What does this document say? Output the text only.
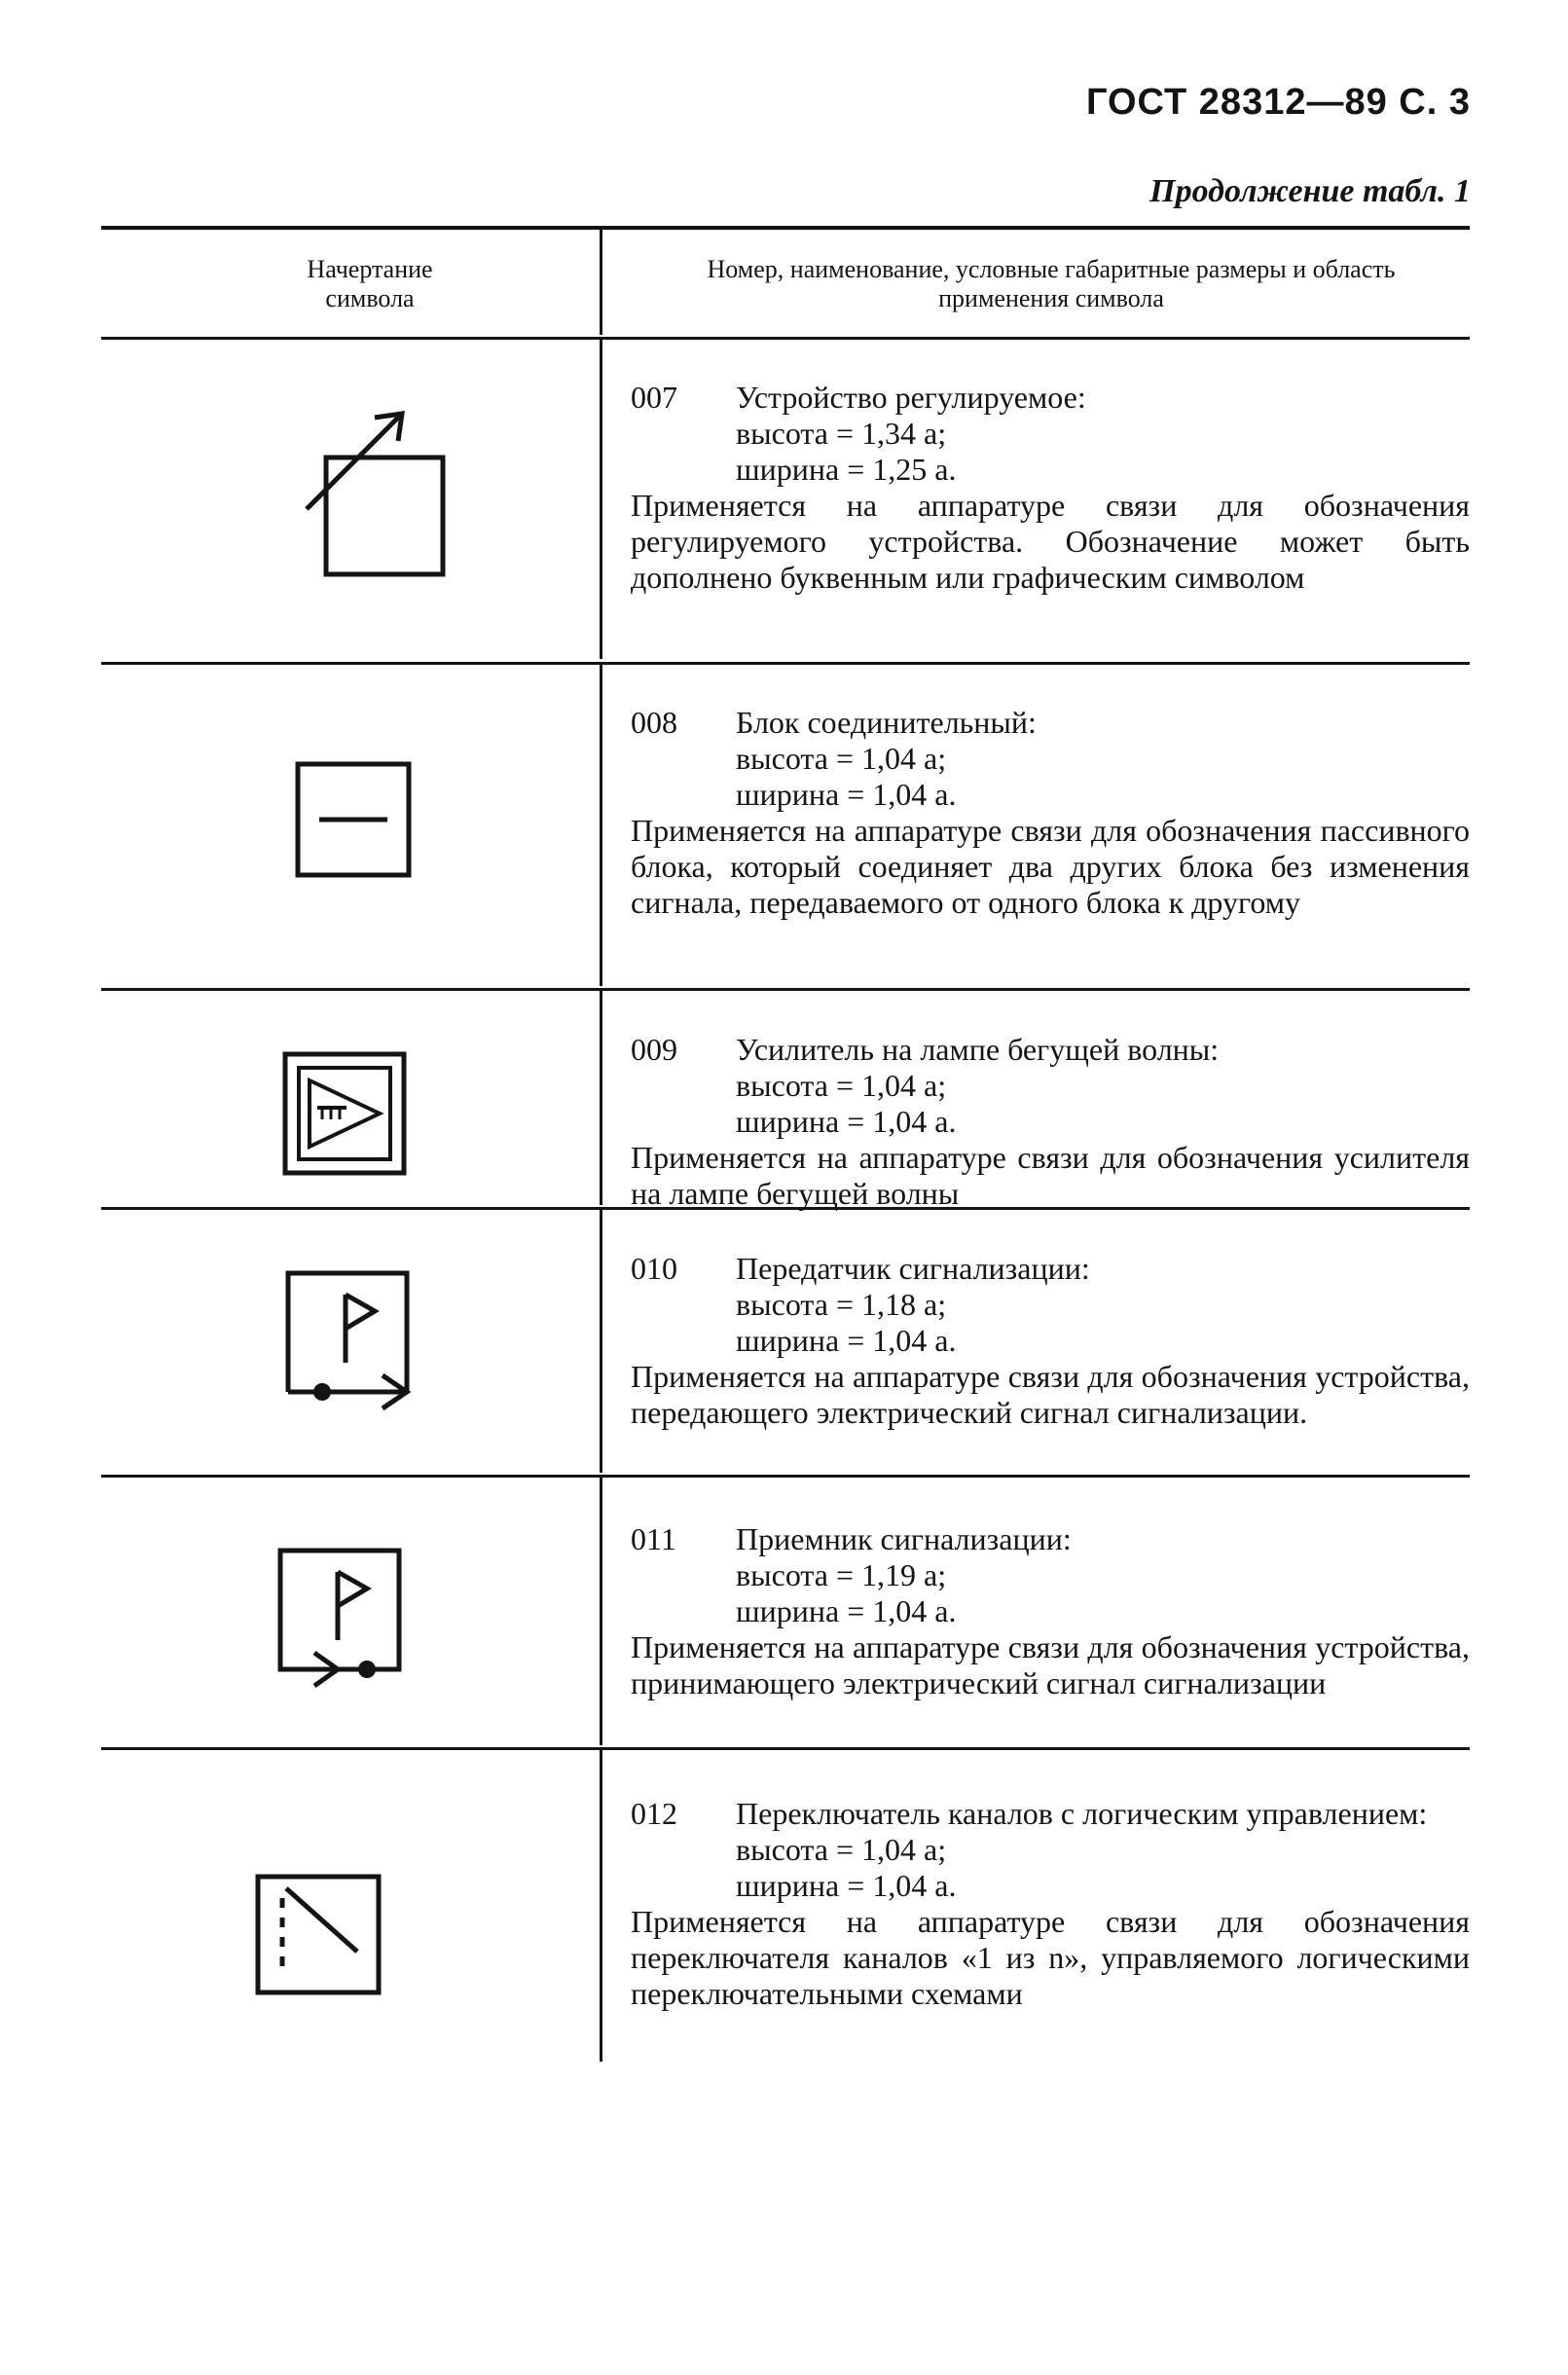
ГОСТ 28312—89 С. 3
Продолжение табл. 1
Начертание символа
Номер, наименование, условные габаритные размеры и область применения символа
007	Устройство регулируемое:
высота = 1,34 a;
ширина = 1,25 a.
Применяется на аппаратуре связи для обозначения регулируемого устройства. Обозначение может быть дополнено буквенным или графическим символом
008	Блок соединительный:
высота = 1,04 a;
ширина = 1,04 a.
Применяется на аппаратуре связи для обозначения пассивного блока, который соединяет два других блока без изменения сигнала, передаваемого от одного блока к другому
009	Усилитель на лампе бегущей волны:
высота = 1,04 a;
ширина = 1,04 a.
Применяется на аппаратуре связи для обозначения усилителя на лампе бегущей волны
010	Передатчик сигнализации:
высота = 1,18 a;
ширина = 1,04 a.
Применяется на аппаратуре связи для обозначения устройства, передающего электрический сигнал сигнализации.
011	Приемник сигнализации:
высота = 1,19 a;
ширина = 1,04 a.
Применяется на аппаратуре связи для обозначения устройства, принимающего электрический сигнал сигнализации
012	Переключатель каналов с логическим управлением:
высота = 1,04 a;
ширина = 1,04 a.
Применяется на аппаратуре связи для обозначения переключателя каналов «1 из n», управляемого логическими переключательными схемами
